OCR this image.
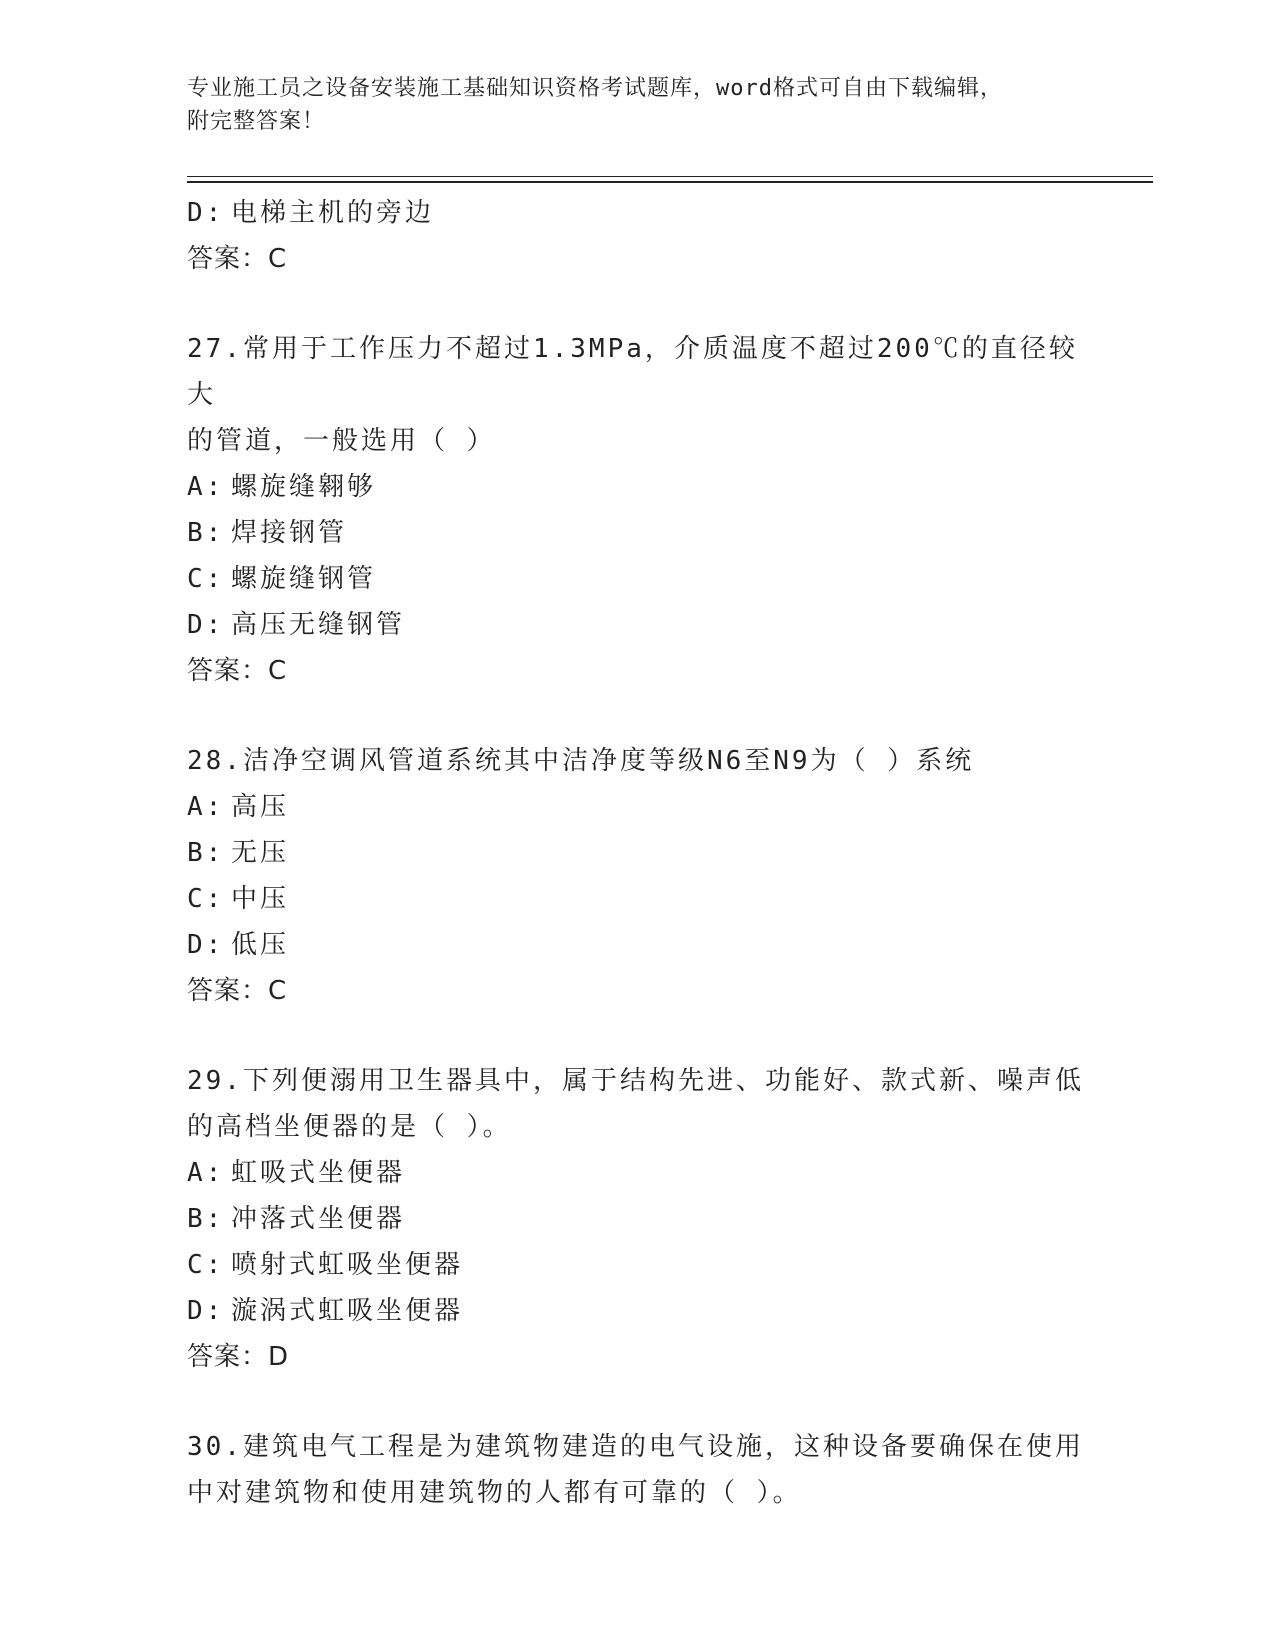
专业施工员之设备安装施工基础知识资格考试题库，word格式可自由下载编辑，
附完整答案！
D: 电梯主机的旁边
答案：C
27.常用于工作压力不超过1.3MPa，介质温度不超过200℃的直径较大
的管道，一般选用（ ）
A: 螺旋缝翱够
B: 焊接钢管
C: 螺旋缝钢管
D: 高压无缝钢管
答案：C
28.洁净空调风管道系统其中洁净度等级N6至N9为（ ）系统
A: 高压
B: 无压
C: 中压
D: 低压
答案：C
29.下列便溺用卫生器具中，属于结构先进、功能好、款式新、噪声低
的高档坐便器的是（ ）。
A: 虹吸式坐便器
B: 冲落式坐便器
C: 喷射式虹吸坐便器
D: 漩涡式虹吸坐便器
答案：D
30.建筑电气工程是为建筑物建造的电气设施，这种设备要确保在使用
中对建筑物和使用建筑物的人都有可靠的（ ）。
